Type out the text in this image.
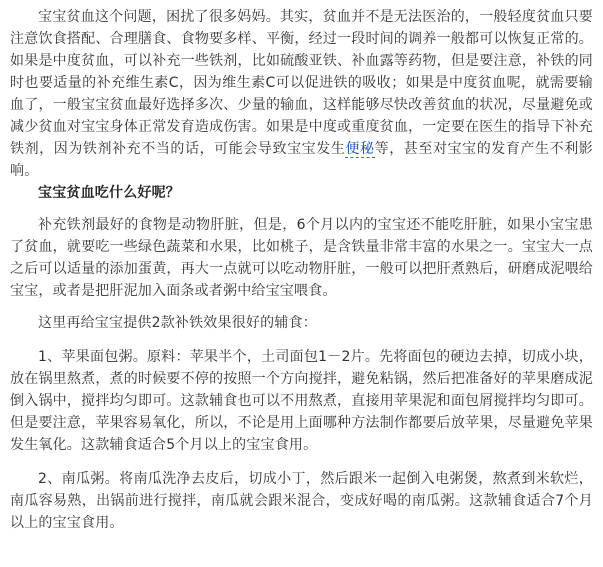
宝宝贫血这个问题，困扰了很多妈妈。其实，贫血并不是无法医治的，一般轻度贫血只要注意饮食搭配、合理膳食、食物要多样、平衡，经过一段时间的调养一般都可以恢复正常的。如果是中度贫血，可以补充一些铁剂，比如硫酸亚铁、补血露等药物，但是要注意，补铁的同时也要适量的补充维生素C，因为维生素C可以促进铁的吸收；如果是中度贫血呢，就需要输血了，一般宝宝贫血最好选择多次、少量的输血，这样能够尽快改善贫血的状况，尽量避免或减少贫血对宝宝身体正常发育造成伤害。如果是中度或重度贫血，一定要在医生的指导下补充铁剂，因为铁剂补充不当的话，可能会导致宝宝发生便秘等，甚至对宝宝的发育产生不利影响。

宝宝贫血吃什么好呢？

补充铁剂最好的食物是动物肝脏，但是，6个月以内的宝宝还不能吃肝脏，如果小宝宝患了贫血，就要吃一些绿色蔬菜和水果，比如桃子，是含铁量非常丰富的水果之一。宝宝大一点之后可以适量的添加蛋黄，再大一点就可以吃动物肝脏，一般可以把肝煮熟后，研磨成泥喂给宝宝，或者是把肝泥加入面条或者粥中给宝宝喂食。

这里再给宝宝提供2款补铁效果很好的辅食：

1、苹果面包粥。原料：苹果半个，土司面包1－2片。先将面包的硬边去掉，切成小块，放在锅里熬煮，煮的时候要不停的按照一个方向搅拌，避免粘锅，然后把准备好的苹果磨成泥倒入锅中，搅拌均匀即可。这款辅食也可以不用熬煮，直接用苹果泥和面包屑搅拌均匀即可。但是要注意，苹果容易氧化，所以，不论是用上面哪种方法制作都要后放苹果，尽量避免苹果发生氧化。这款辅食适合5个月以上的宝宝食用。

2、南瓜粥。将南瓜洗净去皮后，切成小丁，然后跟米一起倒入电粥煲，熬煮到米软烂，南瓜容易熟，出锅前进行搅拌，南瓜就会跟米混合，变成好喝的南瓜粥。这款辅食适合7个月以上的宝宝食用。
